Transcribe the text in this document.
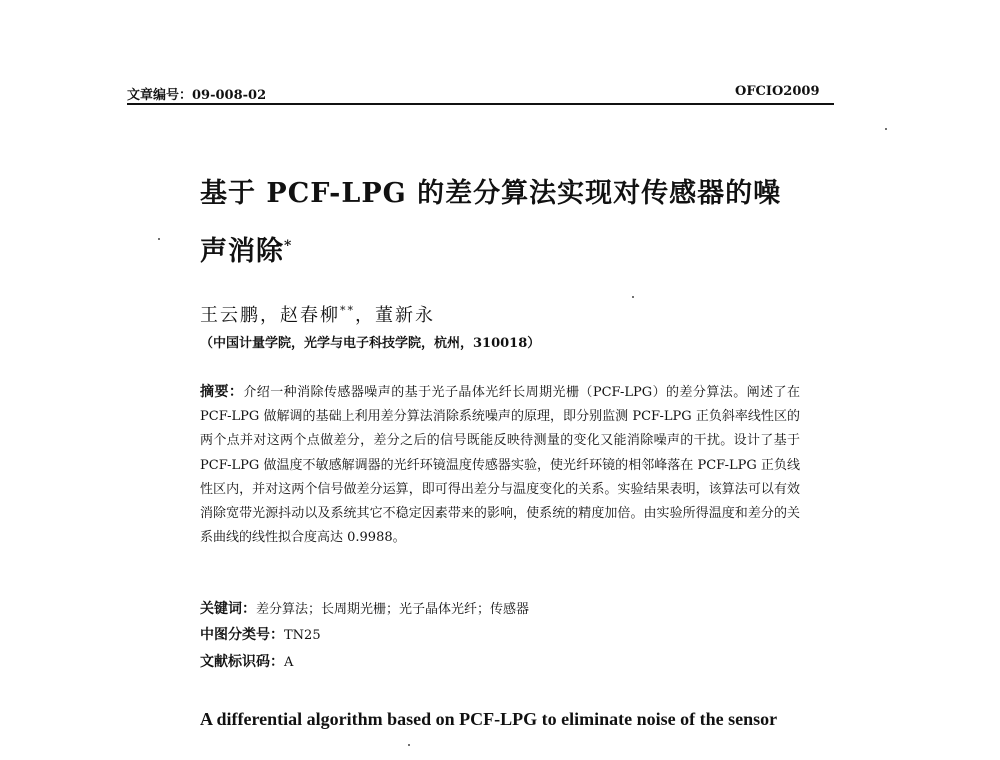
文章编号：09-008-02	OFCIO2009
基于 PCF-LPG 的差分算法实现对传感器的噪
声消除*
王云鹏，赵春柳**，董新永
（中国计量学院，光学与电子科技学院，杭州，310018）
摘要：介绍一种消除传感器噪声的基于光子晶体光纤长周期光栅（PCF-LPG）的差分算法。阐述了在 PCF-LPG 做解调的基础上利用差分算法消除系统噪声的原理，即分别监测 PCF-LPG 正负斜率线性区的两个点并对这两个点做差分，差分之后的信号既能反映待测量的变化又能消除噪声的干扰。设计了基于 PCF-LPG 做温度不敏感解调器的光纤环镜温度传感器实验，使光纤环镜的相邻峰落在 PCF-LPG 正负线性区内，并对这两个信号做差分运算，即可得出差分与温度变化的关系。实验结果表明，该算法可以有效消除宽带光源抖动以及系统其它不稳定因素带来的影响，使系统的精度加倍。由实验所得温度和差分的关系曲线的线性拟合度高达 0.9988。
关键词：差分算法；长周期光栅；光子晶体光纤；传感器
中图分类号：TN25
文献标识码：A
A differential algorithm based on PCF-LPG to eliminate noise of the sensor
